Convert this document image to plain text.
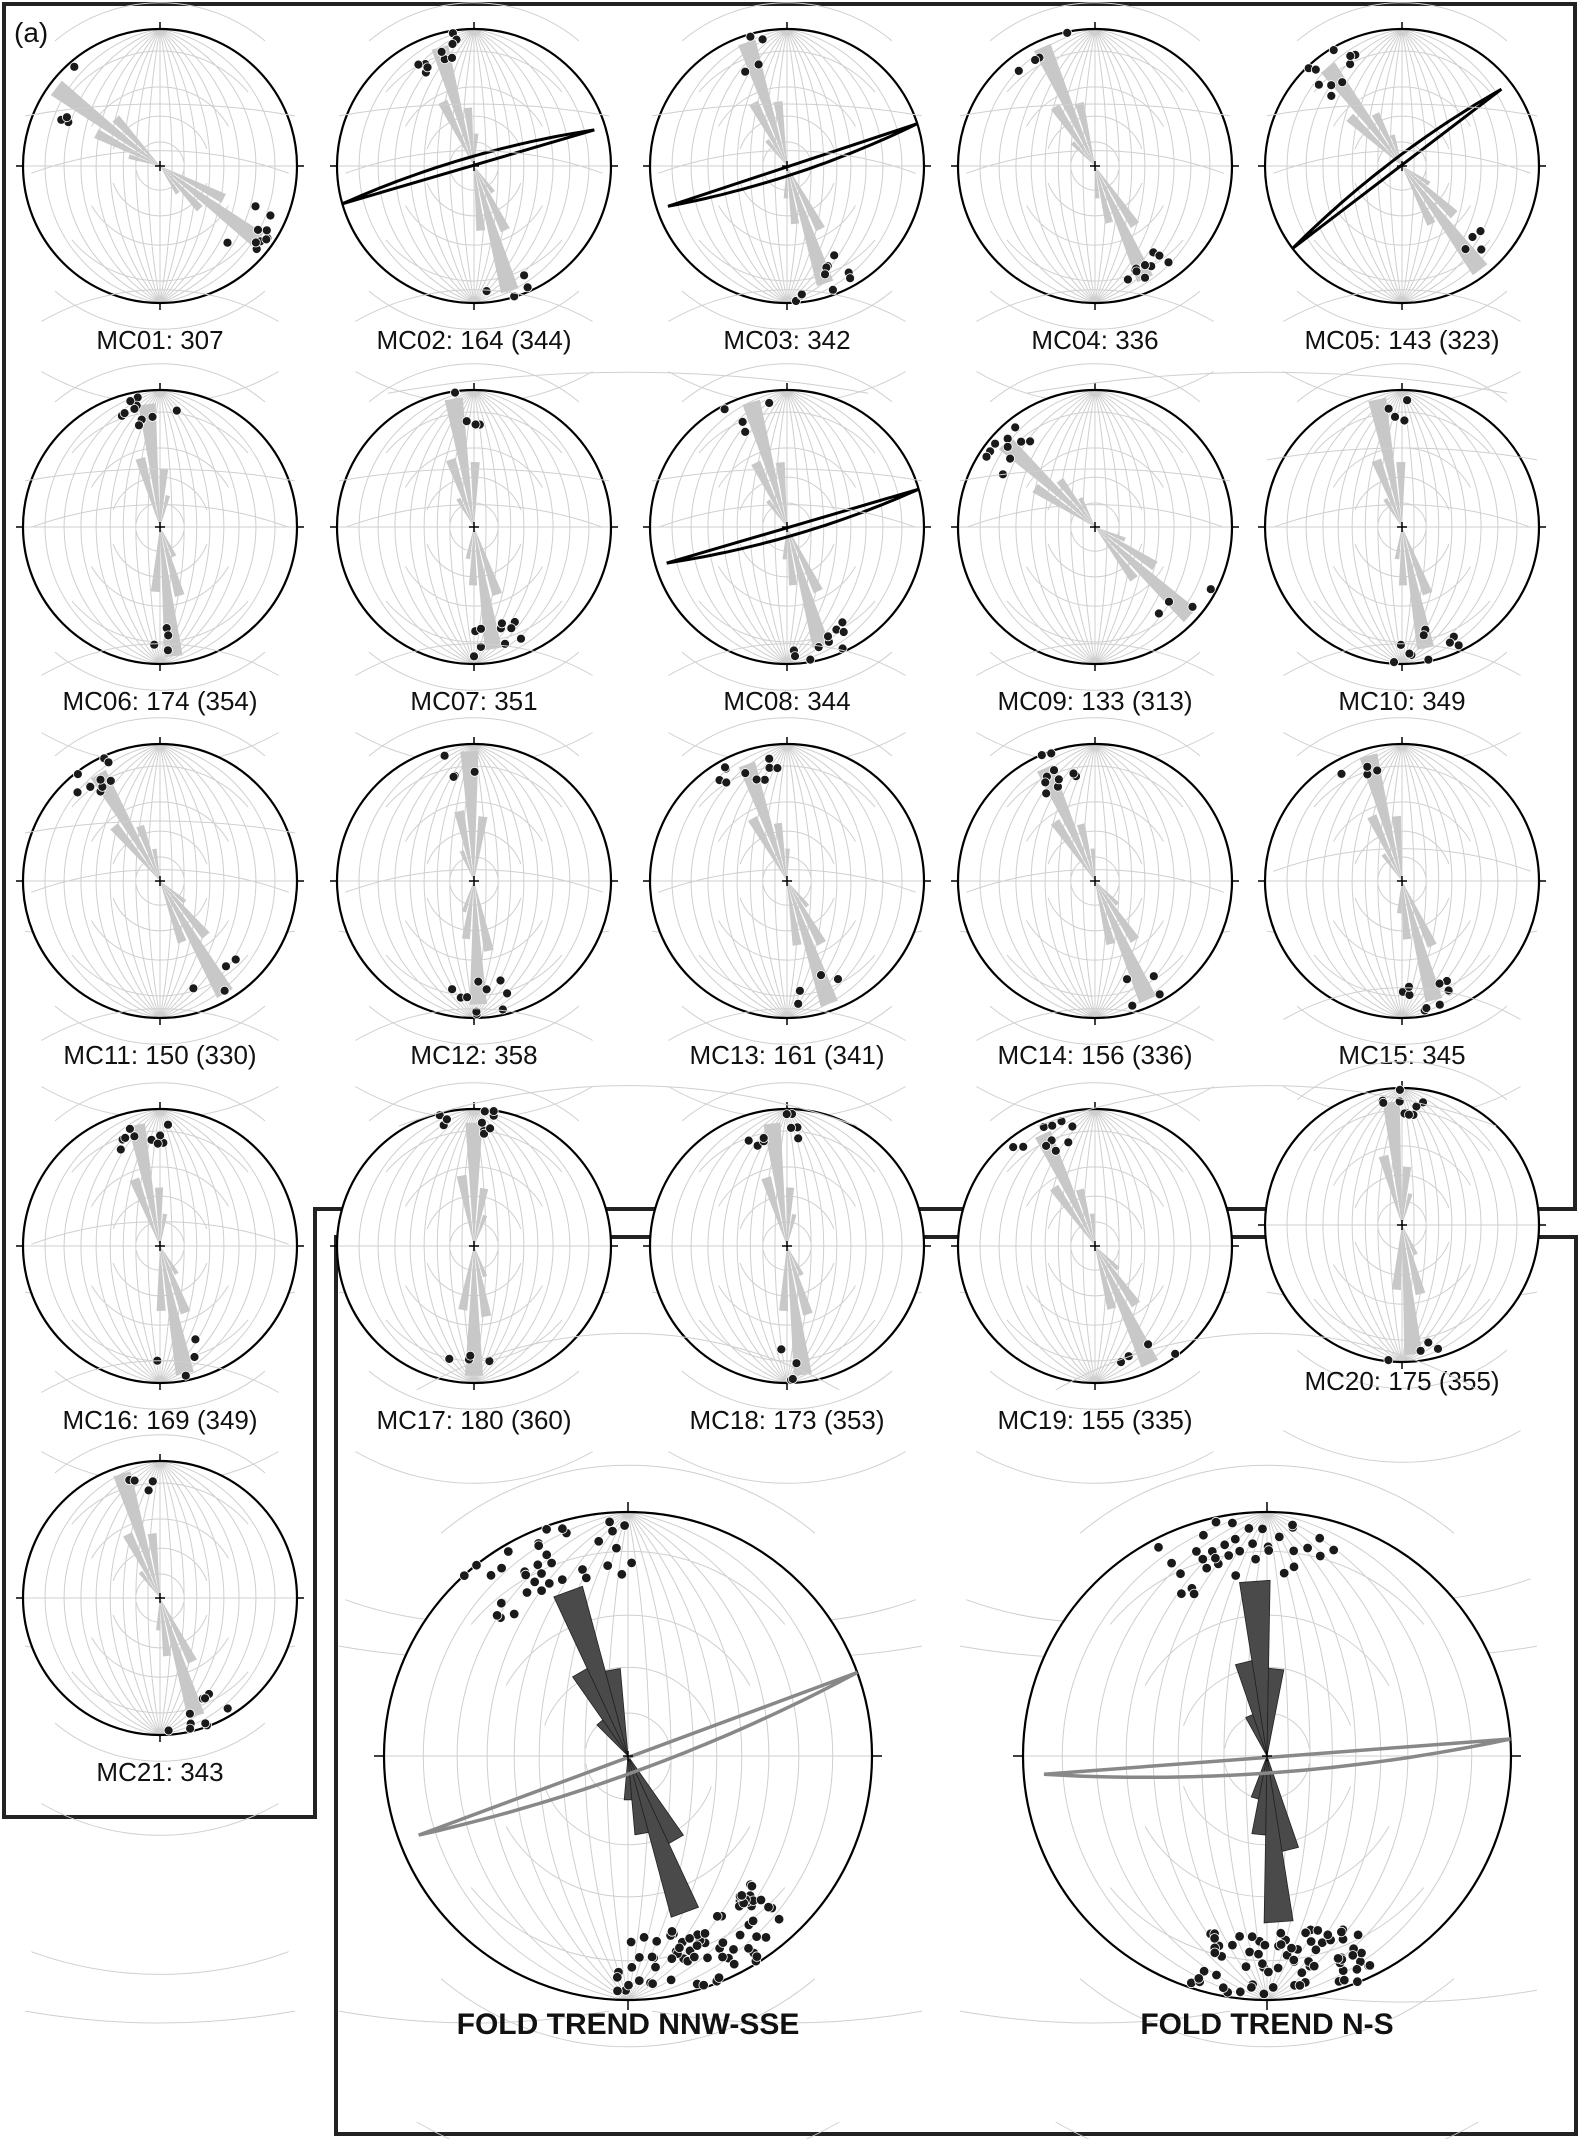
(a)
MC01: 307	MC02: 164 (344)	MC03: 342	MC04: 336	MC05: 143 (323)
MC06: 174 (354)	MC07: 351	MC08: 344	MC09: 133 (313)	MC10: 349
MC11: 150 (330)	MC12: 358	MC13: 161 (341)	MC14: 156 (336)	MC15: 345
MC16: 169 (349)	MC17: 180 (360)	MC18: 173 (353)	MC19: 155 (335)
MC20: 175 (355)
MC21: 343
FOLD TREND NNW-SSE	FOLD TREND N-S
